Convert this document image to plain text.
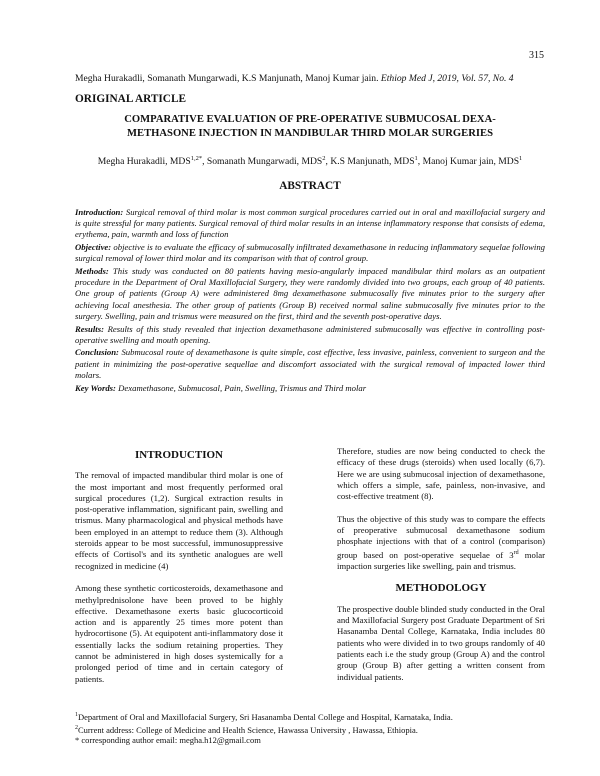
315
Megha Hurakadli, Somanath Mungarwadi, K.S Manjunath, Manoj Kumar jain. Ethiop Med J, 2019, Vol. 57, No. 4
ORIGINAL ARTICLE
COMPARATIVE EVALUATION OF PRE-OPERATIVE SUBMUCOSAL DEXA-
METHASONE INJECTION IN MANDIBULAR THIRD MOLAR SURGERIES
Megha Hurakadli, $MDS^{1,2*}$, Somanath Mungarwadi, MDS$^2$, K.S Manjunath, MDS$^1$, Manoj Kumar jain, MDS$^1$
ABSTRACT

Introduction: Surgical removal of third molar is most common surgical procedures carried out in oral and maxillofacial surgery and is quite stressful for many patients. Surgical removal of third molar results in an intense inflammatory response that consists of edema, erythema, pain, warmth and loss of function

Objective: objective is to evaluate the efficacy of submucosally infiltrated dexamethasone in reducing inflammatory sequelae following surgical removal of lower third molar and its comparison with that of control group.

Methods: This study was conducted on 80 patients having mesio-angularly impaced mandibular third molars as an outpatient procedure in the Department of Oral Maxillofacial Surgery, they were randomly divided into two groups, each group of 40 patients. One group of patients (Group A) were administered 8mg dexamethasone submucosally five minutes prior to the surgery after achieving local anesthesia. The other group of patients (Group B) received normal saline submucosally five minutes prior to the surgery. Swelling, pain and trismus were measured on the first, third and the seventh post-operative days.

Results: Results of this study revealed that injection dexamethasone administered submucosally was effective in controlling post-operative swelling and mouth opening.

Conclusion: Submucosal route of dexamethasone is quite simple, cost effective, less invasive, painless, convenient to surgeon and the patient in minimizing the post-operative sequellae and discomfort associated with the surgical removal of impacted lower third molars.

Key Words: Dexamethasone, Submucosal, Pain, Swelling, Trismus and Third molar

INTRODUCTION

The removal of impacted mandibular third molar is one of the most important and most frequently performed oral surgical procedures (1,2). Surgical extraction results in post-operative inflammation, significant pain, swelling and trismus. Many pharmacological and physical methods have been employed in an attempt to reduce them (3). Although steroids appear to be most successful, immunosuppressive effects of Cortisol's and its synthetic analogues are well recognized in medicine (4)

Among these synthetic corticosteroids, dexamethasone and methylprednisolone have been proved to be highly effective. Dexamethasone exerts basic glucocorticoid action and is apparently 25 times more potent than hydrocortisone (5). At equipotent anti-inflammatory dose it essentially lacks the sodium retaining properties. They cannot be administered in high doses systemically for a prolonged period of time and in certain category of patients.

Therefore, studies are now being conducted to check the efficacy of these drugs (steroids) when used locally (6,7). Here we are using submucosal injection of dexamethasone, which offers a simple, safe, painless, non-invasive, and cost-effective treatment (8).

Thus the objective of this study was to compare the effects of preoperative submucosal dexamethasone sodium phosphate injections with that of a control (comparison) group based on post-operative sequelae of 3rd molar impaction surgeries like swelling, pain and trismus.

METHODOLOGY

The prospective double blinded study conducted in the Oral and Maxillofacial Surgery post Graduate Department of Sri Hasanamba Dental College, Karnataka, India includes 80 patients who were divided in to two groups randomly of 40 patients each i.e the study group (Group A) and the control group (Group B) after getting a written consent from individual patients.

$^1$Department of Oral and Maxillofacial Surgery, Sri Hasanamba Dental College and Hospital, Karnataka, India.
$^2$Current address: College of Medicine and Health Science, Hawassa University , Hawassa, Ethiopia.
* corresponding author email: megha.h12@gmail.com
